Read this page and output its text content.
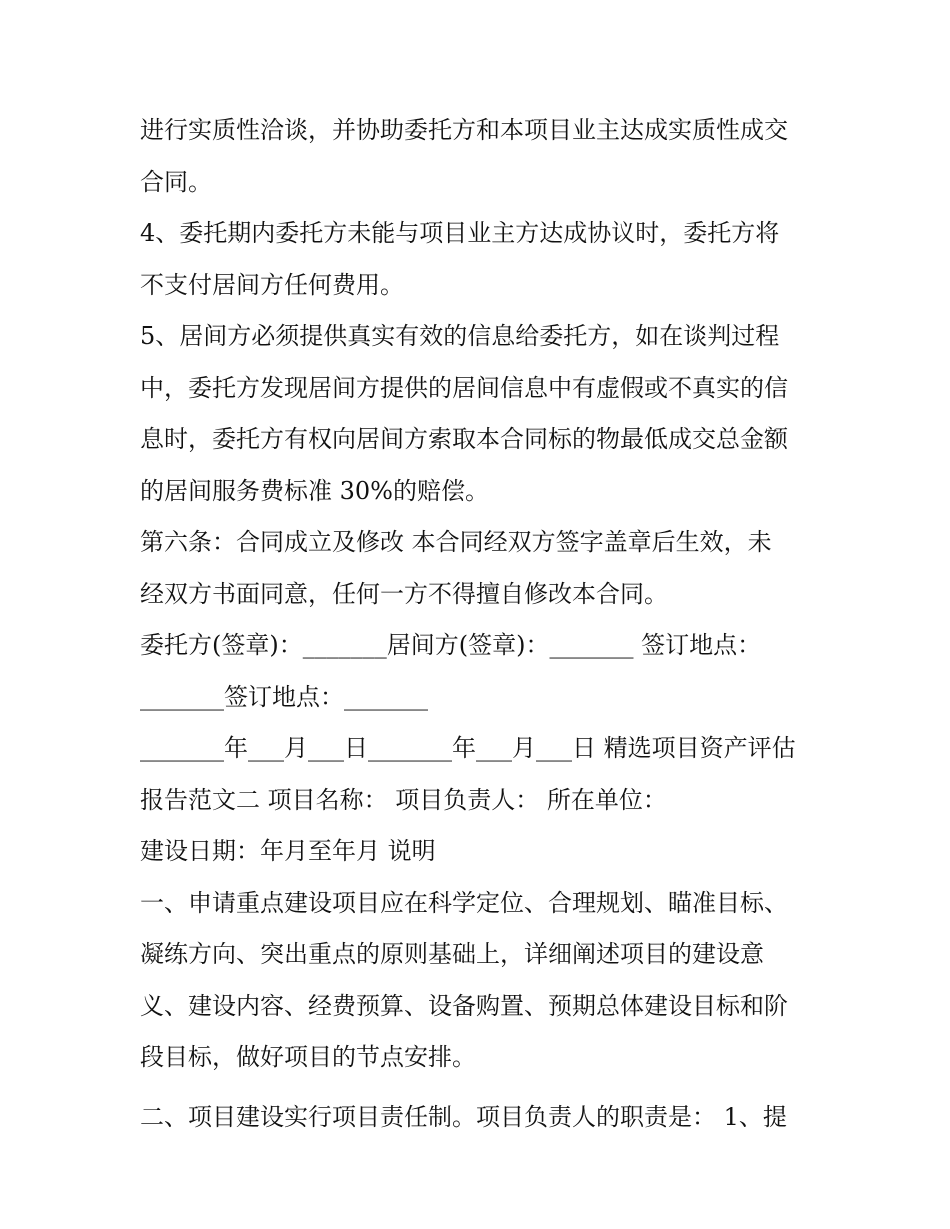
进行实质性洽谈，并协助委托方和本项目业主达成实质性成交
合同。
4、委托期内委托方未能与项目业主方达成协议时，委托方将
不支付居间方任何费用。
5、居间方必须提供真实有效的信息给委托方，如在谈判过程
中，委托方发现居间方提供的居间信息中有虚假或不真实的信
息时，委托方有权向居间方索取本合同标的物最低成交总金额
的居间服务费标准 30%的赔偿。
第六条：合同成立及修改 本合同经双方签字盖章后生效，未
经双方书面同意，任何一方不得擅自修改本合同。
委托方(签章)：_______居间方(签章)：_______ 签订地点：
_______签订地点：_______
_______年___月___日_______年___月___日 精选项目资产评估
报告范文二 项目名称： 项目负责人： 所在单位：
建设日期：年月至年月 说明
一、申请重点建设项目应在科学定位、合理规划、瞄准目标、
凝练方向、突出重点的原则基础上，详细阐述项目的建设意
义、建设内容、经费预算、设备购置、预期总体建设目标和阶
段目标，做好项目的节点安排。
二、项目建设实行项目责任制。项目负责人的职责是： 1、提
